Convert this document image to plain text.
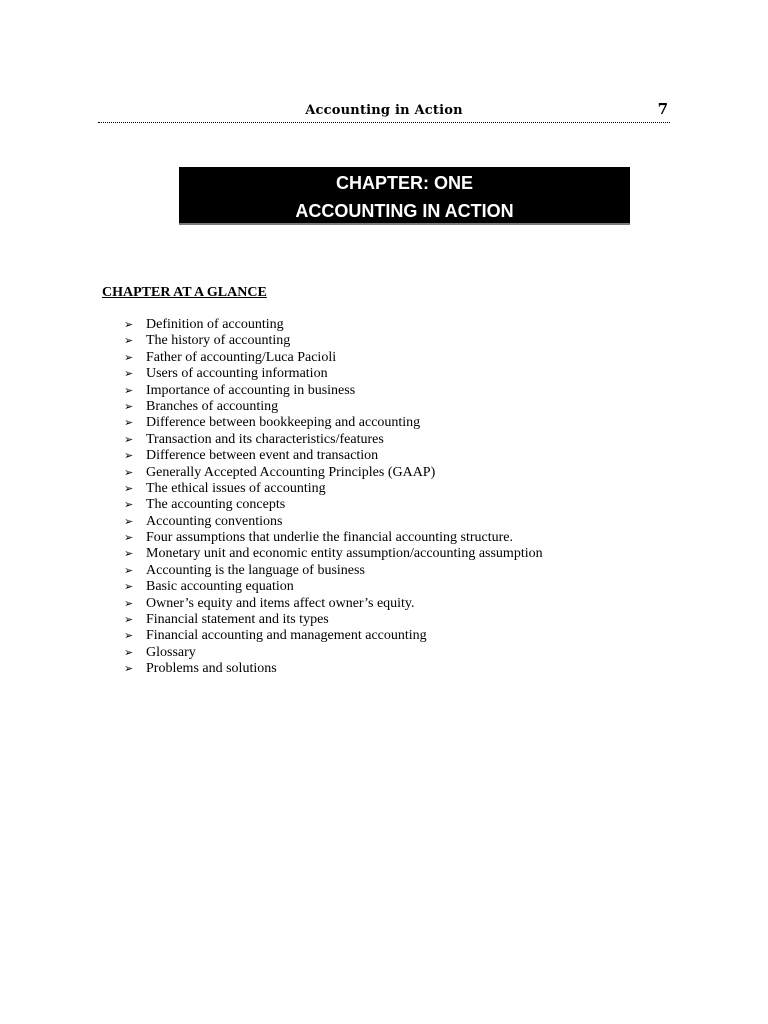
Accounting in Action	7
CHAPTER: ONE
ACCOUNTING IN ACTION
CHAPTER AT A GLANCE
➢ Definition of accounting
➢ The history of accounting
➢ Father of accounting/Luca Pacioli
➢ Users of accounting information
➢ Importance of accounting in business
➢ Branches of accounting
➢ Difference between bookkeeping and accounting
➢ Transaction and its characteristics/features
➢ Difference between event and transaction
➢ Generally Accepted Accounting Principles (GAAP)
➢ The ethical issues of accounting
➢ The accounting concepts
➢ Accounting conventions
➢ Four assumptions that underlie the financial accounting structure.
➢ Monetary unit and economic entity assumption/accounting assumption
➢ Accounting is the language of business
➢ Basic accounting equation
➢ Owner’s equity and items affect owner’s equity.
➢ Financial statement and its types
➢ Financial accounting and management accounting
➢ Glossary
➢ Problems and solutions
